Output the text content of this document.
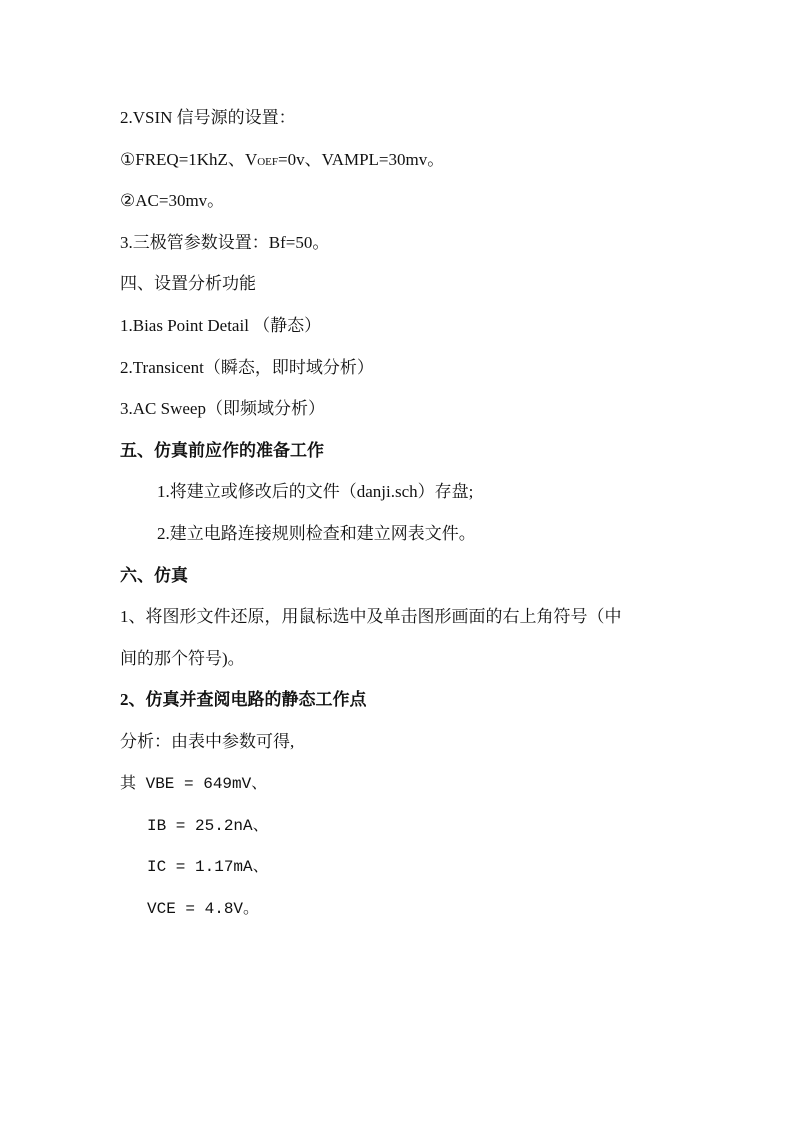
2.VSIN 信号源的设置：
①FREQ=1KhZ、VOEF=0v、VAMPL=30mv。
②AC=30mv。
3.三极管参数设置：Bf=50。
四、设置分析功能
1.Bias Point Detail （静态）
2.Transicent（瞬态，即时域分析）
3.AC Sweep（即频域分析）
五、仿真前应作的准备工作
1.将建立或修改后的文件（danji.sch）存盘;
2.建立电路连接规则检查和建立网表文件。
六、仿真
1、将图形文件还原，用鼠标选中及单击图形画面的右上角符号（中
间的那个符号)。
2、仿真并查阅电路的静态工作点
分析：由表中参数可得,
其 VBE = 649mV、
IB = 25.2nA、
IC = 1.17mA、
VCE = 4.8V。
